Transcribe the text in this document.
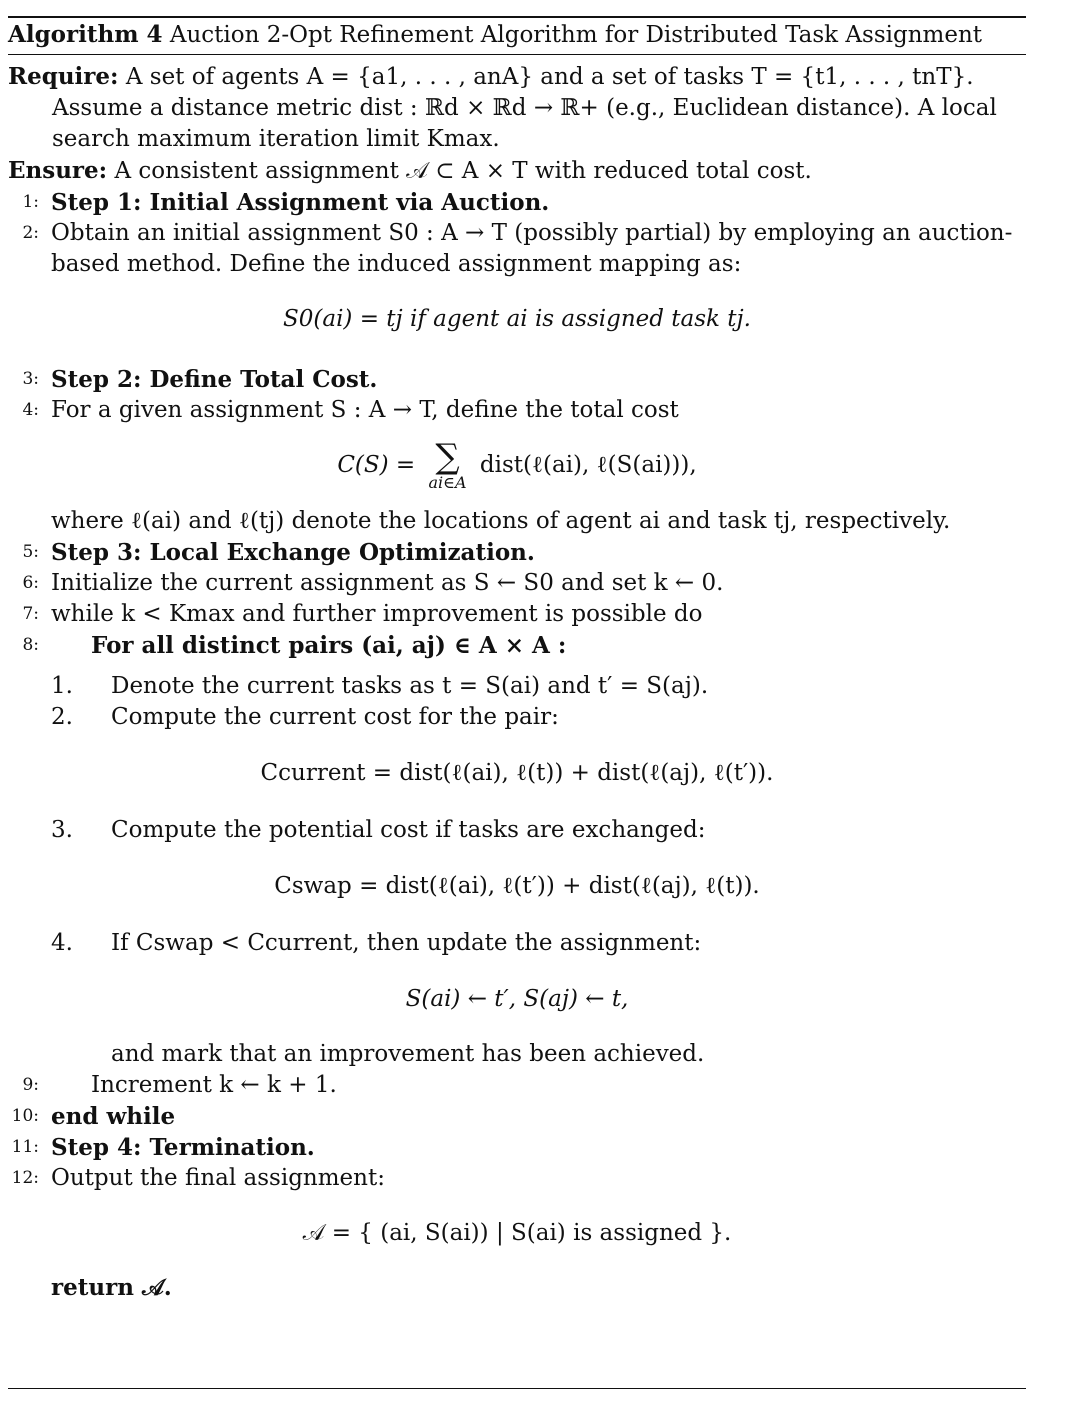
Algorithm 4 Auction 2-Opt Refinement Algorithm for Distributed Task Assignment
Require: A set of agents A = {a1, . . . , anA} and a set of tasks T = {t1, . . . , tnT}. Assume a distance metric dist : ℝd × ℝd → ℝ+ (e.g., Euclidean distance). A local search maximum iteration limit Kmax.
Ensure: A consistent assignment 𝒜 ⊂ A × T with reduced total cost.
1: Step 1: Initial Assignment via Auction.
2: Obtain an initial assignment S0 : A → T (possibly partial) by employing an auction-based method. Define the induced assignment mapping as:
S0(ai) = tj if agent ai is assigned task tj.
3: Step 2: Define Total Cost.
4: For a given assignment S : A → T, define the total cost
C(S) = ∑
ai∈A
dist(ℓ(ai), ℓ(S(ai))),
where ℓ(ai) and ℓ(tj) denote the locations of agent ai and task tj, respectively.
5: Step 3: Local Exchange Optimization.
6: Initialize the current assignment as S ← S0 and set k ← 0.
7: while k < Kmax and further improvement is possible do
8: For all distinct pairs (ai, aj) ∈ A × A :
1. Denote the current tasks as t = S(ai) and t′ = S(aj).
2. Compute the current cost for the pair:
Ccurrent = dist(ℓ(ai), ℓ(t)) + dist(ℓ(aj), ℓ(t′)).
3. Compute the potential cost if tasks are exchanged:
Cswap = dist(ℓ(ai), ℓ(t′)) + dist(ℓ(aj), ℓ(t)).
4. If Cswap < Ccurrent, then update the assignment:
S(ai) ← t′, S(aj) ← t,
and mark that an improvement has been achieved.
9: Increment k ← k + 1.
10: end while
11: Step 4: Termination.
12: Output the final assignment:
𝒜 = { (ai, S(ai)) | S(ai) is assigned }.
return 𝒜.
